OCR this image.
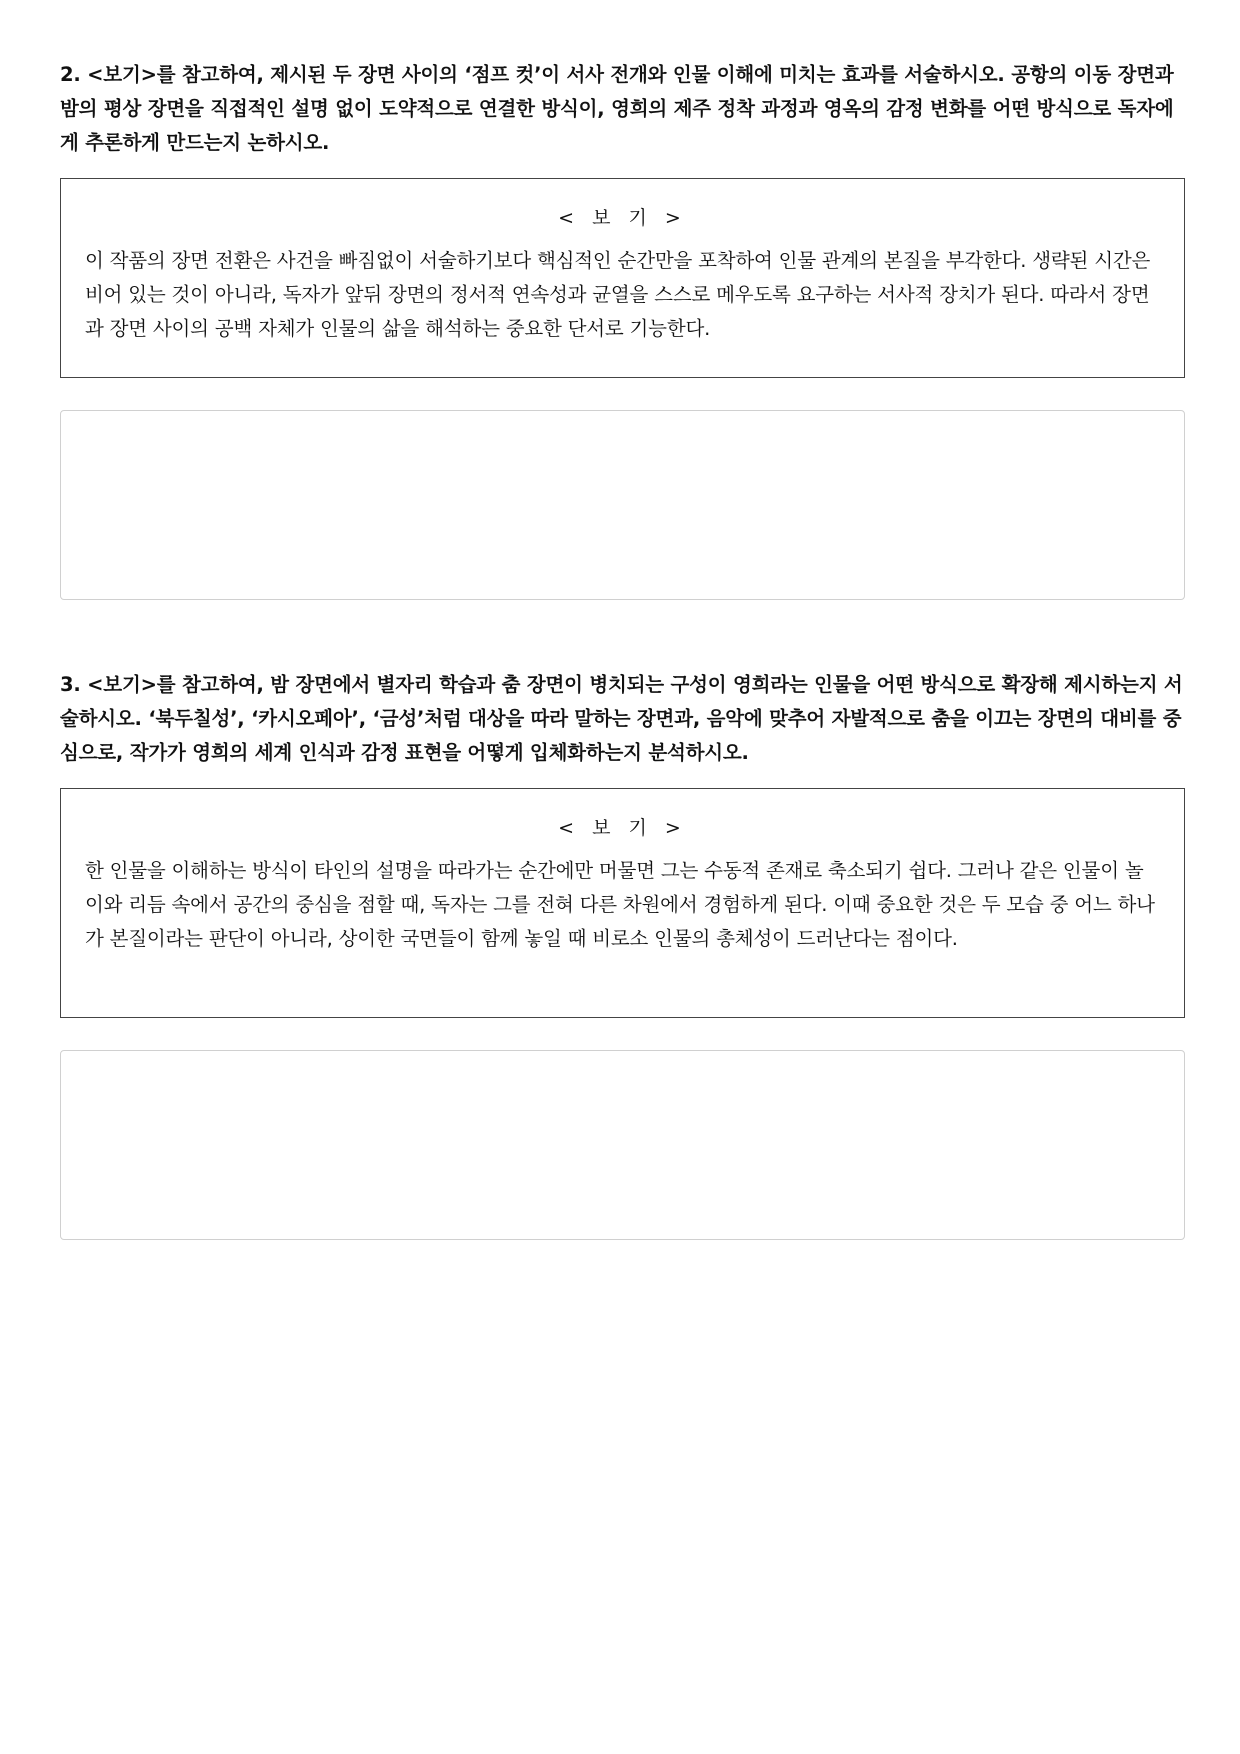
2. <보기>를 참고하여, 제시된 두 장면 사이의 ‘점프 컷’이 서사 전개와 인물 이해에 미치는 효과를 서술하시오. 공항의 이동 장면과 밤의 평상 장면을 직접적인 설명 없이 도약적으로 연결한 방식이, 영희의 제주 정착 과정과 영옥의 감정 변화를 어떤 방식으로 독자에게 추론하게 만드는지 논하시오.

< 보 기 >

이 작품의 장면 전환은 사건을 빠짐없이 서술하기보다 핵심적인 순간만을 포착하여 인물 관계의 본질을 부각한다. 생략된 시간은 비어 있는 것이 아니라, 독자가 앞뒤 장면의 정서적 연속성과 균열을 스스로 메우도록 요구하는 서사적 장치가 된다. 따라서 장면과 장면 사이의 공백 자체가 인물의 삶을 해석하는 중요한 단서로 기능한다.

3. <보기>를 참고하여, 밤 장면에서 별자리 학습과 춤 장면이 병치되는 구성이 영희라는 인물을 어떤 방식으로 확장해 제시하는지 서술하시오. ‘북두칠성’, ‘카시오페아’, ‘금성’처럼 대상을 따라 말하는 장면과, 음악에 맞추어 자발적으로 춤을 이끄는 장면의 대비를 중심으로, 작가가 영희의 세계 인식과 감정 표현을 어떻게 입체화하는지 분석하시오.

< 보 기 >

한 인물을 이해하는 방식이 타인의 설명을 따라가는 순간에만 머물면 그는 수동적 존재로 축소되기 쉽다. 그러나 같은 인물이 놀이와 리듬 속에서 공간의 중심을 점할 때, 독자는 그를 전혀 다른 차원에서 경험하게 된다. 이때 중요한 것은 두 모습 중 어느 하나가 본질이라는 판단이 아니라, 상이한 국면들이 함께 놓일 때 비로소 인물의 총체성이 드러난다는 점이다.
